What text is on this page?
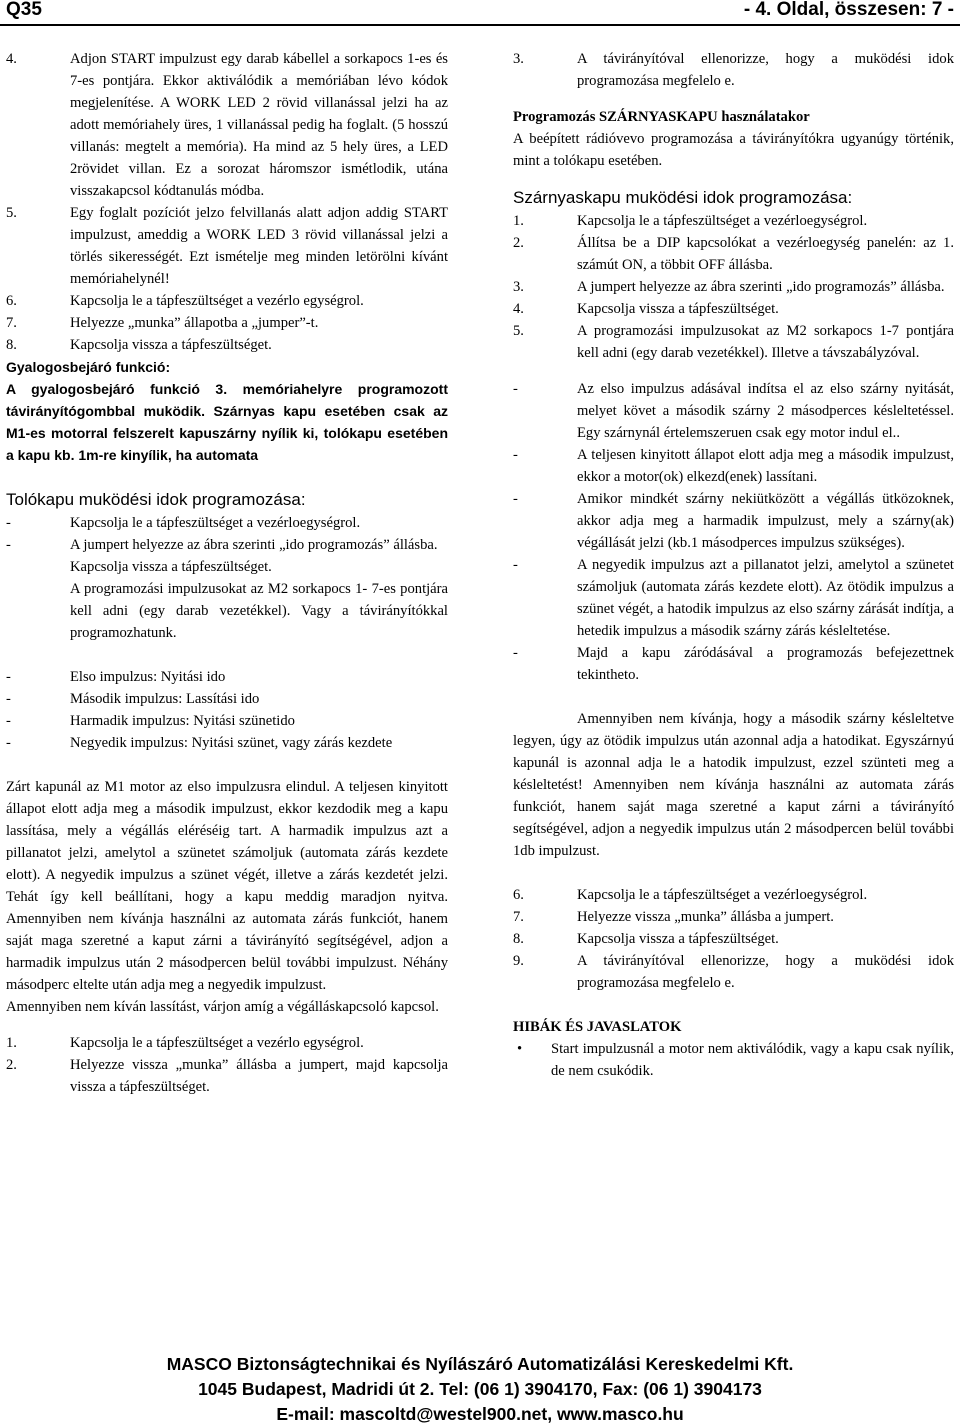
Q35	- 4. Oldal, összesen: 7 -
4.	Adjon START impulzust egy darab kábellel a sorkapocs 1-es és 7-es pontjára. Ekkor aktiválódik a memóriában lévo kódok megjelenítése. A WORK LED 2 rövid villanással jelzi ha az adott memóriahely üres, 1 villanással pedig ha foglalt. (5 hosszú villanás: megtelt a memória). Ha mind az 5 hely üres, a LED 2rövidet villan. Ez a sorozat háromszor ismétlodik, utána visszakapcsol kódtanulás módba.
5.	Egy foglalt pozíciót jelzo felvillanás alatt adjon addig START impulzust, ameddig a WORK LED 3 rövid villanással jelzi a törlés sikerességét. Ezt ismételje meg minden letörölni kívánt memóriahelynél!
6.	Kapcsolja le a tápfeszültséget a vezérlo egységrol.
7.	Helyezze „munka” állapotba a „jumper”-t.
8.	Kapcsolja vissza a tápfeszültséget.
Gyalogosbejáró funkció:
A gyalogosbejáró funkció 3. memóriahelyre programozott távirányítógombbal muködik. Szárnyas kapu esetében csak az M1-es motorral felszerelt kapuszárny nyílik ki, tolókapu esetében a kapu kb. 1m-re kinyílik, ha automata
Tolókapu muködési idok programozása:
-	Kapcsolja le a tápfeszültséget a vezérloegységrol.
-	A jumpert helyezze az ábra szerinti „ido programozás” állásba.
Kapcsolja vissza a tápfeszültséget.
A programozási impulzusokat az M2 sorkapocs 1- 7-es pontjára kell adni (egy darab vezetékkel). Vagy a távirányítókkal programozhatunk.
-	Elso impulzus: Nyitási ido
-	Második impulzus: Lassítási ido
-	Harmadik impulzus: Nyitási szünetido
-	Negyedik impulzus: Nyitási szünet, vagy zárás kezdete
Zárt kapunál az M1 motor az elso impulzusra elindul. A teljesen kinyitott állapot elott adja meg a második impulzust, ekkor kezdodik meg a kapu lassítása, mely a végállás eléréséig tart. A harmadik impulzus azt a pillanatot jelzi, amelytol a szünetet számoljuk (automata zárás kezdete elott). A negyedik impulzus a szünet végét, illetve a zárás kezdetét jelzi. Tehát így kell beállítani, hogy a kapu meddig maradjon nyitva. Amennyiben nem kívánja használni az automata zárás funkciót, hanem saját maga szeretné a kaput zárni a távirányító segítségével, adjon a harmadik impulzus után 2 másodpercen belül további impulzust. Néhány másodperc eltelte után adja meg a negyedik impulzust.
Amennyiben nem kíván lassítást, várjon amíg a végálláskapcsoló kapcsol.
1.	Kapcsolja le a tápfeszültséget a vezérlo egységrol.
2.	Helyezze vissza „munka” állásba a jumpert, majd kapcsolja vissza a tápfeszültséget.
3.	A távirányítóval ellenorizze, hogy a muködési idok programozása megfelelo e.
Programozás SZÁRNYASKAPU használatakor
A beépített rádióvevo programozása a távirányítókra ugyanúgy történik, mint a tolókapu esetében.
Szárnyaskapu muködési idok programozása:
1.	Kapcsolja le a tápfeszültséget a vezérloegységrol.
2.	Állítsa be a DIP kapcsolókat a vezérloegység panelén: az 1. számút ON, a többit OFF állásba.
3.	A jumpert helyezze az ábra szerinti „ido programozás” állásba.
4.	Kapcsolja vissza a tápfeszültséget.
5.	A programozási impulzusokat az M2 sorkapocs 1-7 pontjára kell adni (egy darab vezetékkel). Illetve a távszabályzóval.
-	Az elso impulzus adásával indítsa el az elso szárny nyitását, melyet követ a második szárny 2 másodperces késleltetéssel. Egy szárnynál értelemszeruen csak egy motor indul el..
-	A teljesen kinyitott állapot elott adja meg a második impulzust, ekkor a motor(ok) elkezd(enek) lassítani.
-	Amikor mindkét szárny nekiütközött a végállás ütközoknek, akkor adja meg a harmadik impulzust, mely a szárny(ak) végállását jelzi (kb.1 másodperces impulzus szükséges).
-	A negyedik impulzus azt a pillanatot jelzi, amelytol a szünetet számoljuk (automata zárás kezdete elott). Az ötödik impulzus a szünet végét, a hatodik impulzus az elso szárny zárását indítja, a hetedik impulzus a második szárny zárás késleltetése.
-	Majd a kapu záródásával a programozás befejezettnek tekintheto.
Amennyiben nem kívánja, hogy a második szárny késleltetve legyen, úgy az ötödik impulzus után azonnal adja a hatodikat. Egyszárnyú kapunál is azonnal adja le a hatodik impulzust, ezzel szünteti meg a késleltetést! Amennyiben nem kívánja használni az automata zárás funkciót, hanem saját maga szeretné a kaput zárni a távirányító segítségével, adjon a negyedik impulzus után 2 másodpercen belül további 1db impulzust.
6.	Kapcsolja le a tápfeszültséget a vezérloegységrol.
7.	Helyezze vissza „munka” állásba a jumpert.
8.	Kapcsolja vissza a tápfeszültséget.
9.	A távirányítóval ellenorizze, hogy a muködési idok programozása megfelelo e.
HIBÁK ÉS JAVASLATOK
•	Start impulzusnál a motor nem aktiválódik, vagy a kapu csak nyílik, de nem csukódik.
MASCO Biztonságtechnikai és Nyílászáró Automatizálási Kereskedelmi Kft.
1045 Budapest, Madridi út 2. Tel: (06 1) 3904170, Fax: (06 1) 3904173
E-mail: mascoltd@westel900.net, www.masco.hu
